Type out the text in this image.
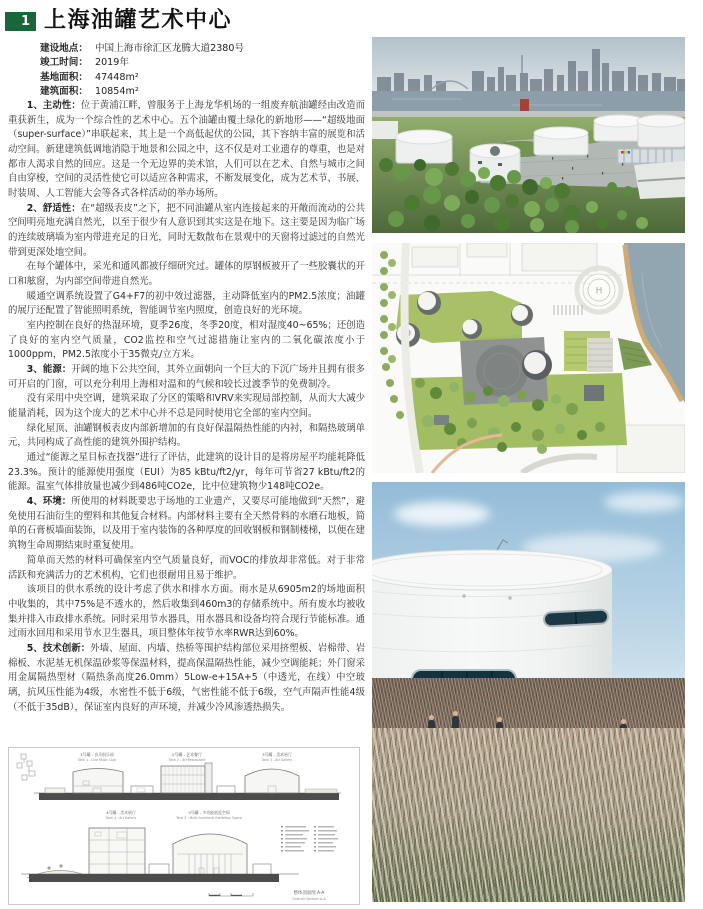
1 上海油罐艺术中心
建设地点： 中国上海市徐汇区龙腾大道2380号
竣工时间： 2019年
基地面积： 47448m²
建筑面积： 10854m²

1、主动性：位于黄浦江畔，曾服务于上海龙华机场的一组废弃航油罐经由改造而重获新生，成为一个综合性的艺术中心。五个油罐由覆土绿化的新地形——“超级地面（super-surface）”串联起来，其上是一个高低起伏的公园，其下容纳丰富的展览和活动空间。新建建筑低调地消隐于地景和公园之中，这不仅是对工业遗存的尊重，也是对都市人渴求自然的回应。这是一个无边界的美术馆，人们可以在艺术、自然与城市之间自由穿梭，空间的灵活性使它可以适应各种需求，不断发展变化，成为艺术节、书展、时装周、人工智能大会等各式各样活动的举办场所。

2、舒适性：在“超级表皮”之下，把不同油罐从室内连接起来的开敞而流动的公共空间明亮地充满自然光，以至于很少有人意识到其实这是在地下。这主要是因为临广场的连续玻璃墙为室内带进充足的日光，同时无数散布在景观中的天窗将过滤过的自然光带到更深处地空间。

在每个罐体中，采光和通风都被仔细研究过。罐体的厚钢板被开了一些胶囊状的开口和舷窗，为内部空间带进自然光。

暖通空调系统设置了G4+F7的初中效过滤器，主动降低室内的PM2.5浓度；油罐的展厅还配置了智能照明系统，智能调节室内照度，创造良好的光环境。

室内控制在良好的热湿环境，夏季26度，冬季20度，相对湿度40~65%；还创造了良好的室内空气质量，CO2监控和空气过滤措施让室内的二氧化碳浓度小于1000ppm，PM2.5浓度小于35微克/立方米。

3、能源：开阔的地下公共空间，其外立面朝向一个巨大的下沉广场并且拥有很多可开启的门窗，可以充分利用上海相对温和的气候和较长过渡季节的免费制冷。

没有采用中央空调，建筑采取了分区的策略和VRV来实现局部控制，从而大大减少能量消耗，因为这个庞大的艺术中心并不总是同时使用它全部的室内空间。

绿化屋顶、油罐钢板表皮内部新增加的有良好保温隔热性能的内衬，和隔热玻璃单元，共同构成了高性能的建筑外围护结构。

通过“能源之星目标查找器”进行了评估，此建筑的设计目的是将房屋平均能耗降低23.3%。预计的能源使用强度（EUI）为85 kBtu/ft2/yr，每年可节省27 kBtu/ft2的能源。温室气体排放量也减少到486吨CO2e，比中位建筑物少148吨CO2e。

4、环境：所使用的材料既要忠于场地的工业遗产，又要尽可能地做到“天然”，避免使用石油衍生的塑料和其他复合材料。内部材料主要有全天然骨料的水磨石地板，简单的石膏板墙面装饰，以及用于室内装饰的各种厚度的回收钢板和钢制楼梯，以便在建筑物生命周期结束时重复使用。

简单而天然的材料可确保室内空气质量良好，而VOC的排放却非常低。对于非常活跃和充满活力的艺术机构，它们也很耐用且易于维护。

该项目的供水系统的设计考虑了供水和排水方面。雨水是从6905m2的场地面积中收集的，其中75%是不透水的，然后收集到460m3的存储系统中。所有废水均被收集并排入市政排水系统。同时采用节水器具，用水器具和设备均符合现行节能标准。通过雨水回用和采用节水卫生器具，项目整体年按节水率RWR达到60%。

5、技术创新：外墙、屋面、内墙、热桥等围护结构部位采用挤塑板、岩棉带、岩棉板、水泥基无机保温砂浆等保温材料，提高保温隔热性能，减少空调能耗；外门窗采用金属隔热型材（隔热条高度26.0mm）5Low-e+15A+5（中透光，在线）中空玻璃，抗风压性能为4级，水密性不低于6级，气密性能不低于6级，空气声隔声性能4级（不低于35dB），保证室内良好的声环境，并减少冷风渗透热损失。

H
1号罐 - 音乐俱乐部
Tank 1 - Live Music Club
2号罐 - 艺术餐厅
Tank 2 - Art Restaurant
3号罐 - 美术展厅
Tank 3 - Art Gallery
4号罐 - 美术展厅
Tank 4 - Art Gallery
5号罐 - 多功能展览空间
Tank 5 - Multi-functional Exhibition Space
整体剖面图 A-A
Overall Section A-A
